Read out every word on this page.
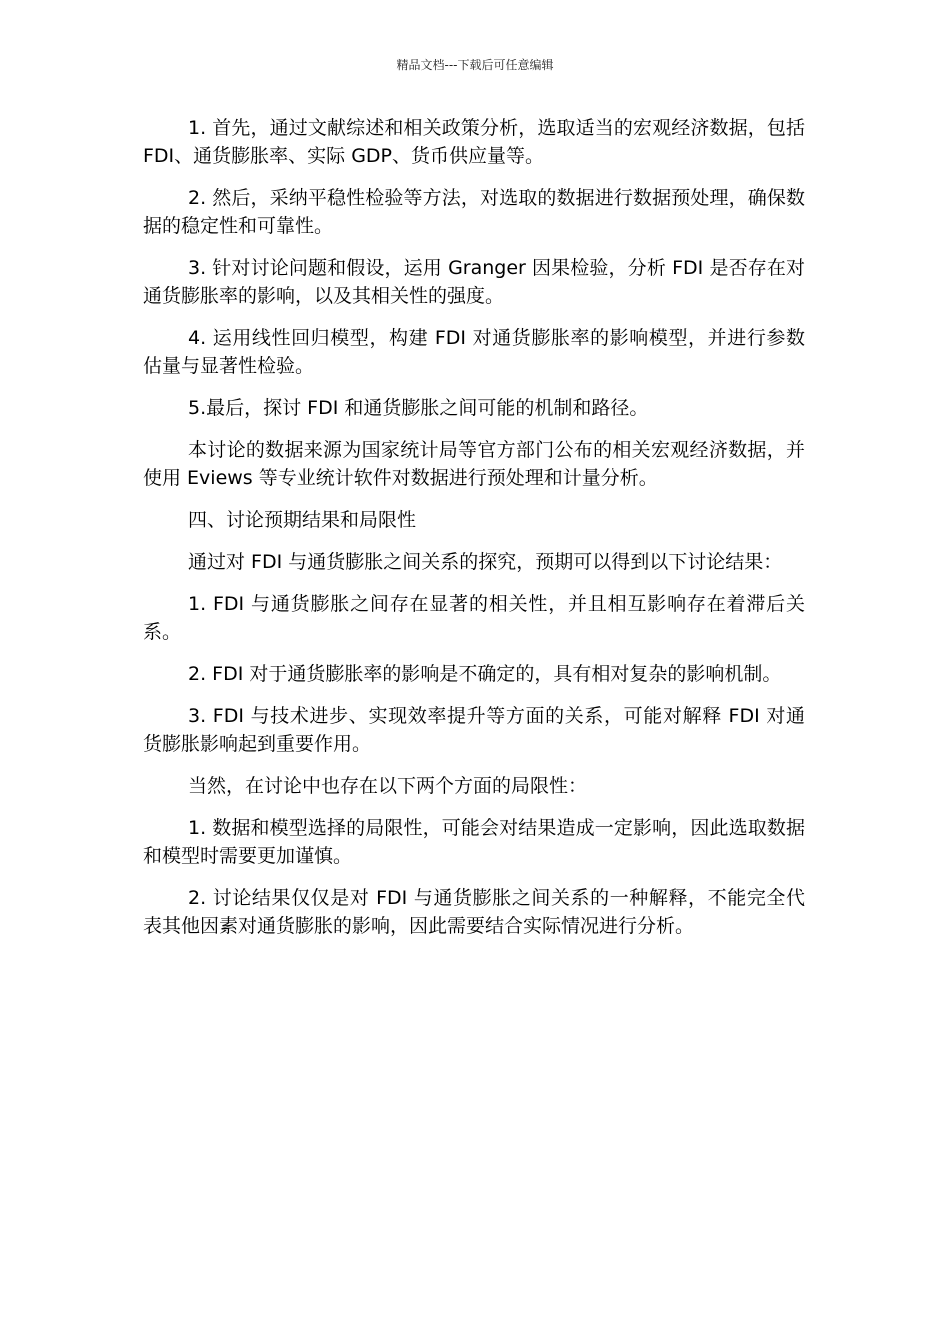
精品文档---下载后可任意编辑

1. 首先，通过文献综述和相关政策分析，选取适当的宏观经济数据，包括 FDI、通货膨胀率、实际 GDP、货币供应量等。

2. 然后，采纳平稳性检验等方法，对选取的数据进行数据预处理，确保数据的稳定性和可靠性。

3. 针对讨论问题和假设，运用 Granger 因果检验，分析 FDI 是否存在对通货膨胀率的影响，以及其相关性的强度。

4. 运用线性回归模型，构建 FDI 对通货膨胀率的影响模型，并进行参数估量与显著性检验。

5.最后，探讨 FDI 和通货膨胀之间可能的机制和路径。

本讨论的数据来源为国家统计局等官方部门公布的相关宏观经济数据，并使用 Eviews 等专业统计软件对数据进行预处理和计量分析。

四、讨论预期结果和局限性

通过对 FDI 与通货膨胀之间关系的探究，预期可以得到以下讨论结果：

1. FDI 与通货膨胀之间存在显著的相关性，并且相互影响存在着滞后关系。

2. FDI 对于通货膨胀率的影响是不确定的，具有相对复杂的影响机制。

3. FDI 与技术进步、实现效率提升等方面的关系，可能对解释 FDI 对通货膨胀影响起到重要作用。

当然，在讨论中也存在以下两个方面的局限性：

1. 数据和模型选择的局限性，可能会对结果造成一定影响，因此选取数据和模型时需要更加谨慎。

2. 讨论结果仅仅是对 FDI 与通货膨胀之间关系的一种解释，不能完全代表其他因素对通货膨胀的影响，因此需要结合实际情况进行分析。
